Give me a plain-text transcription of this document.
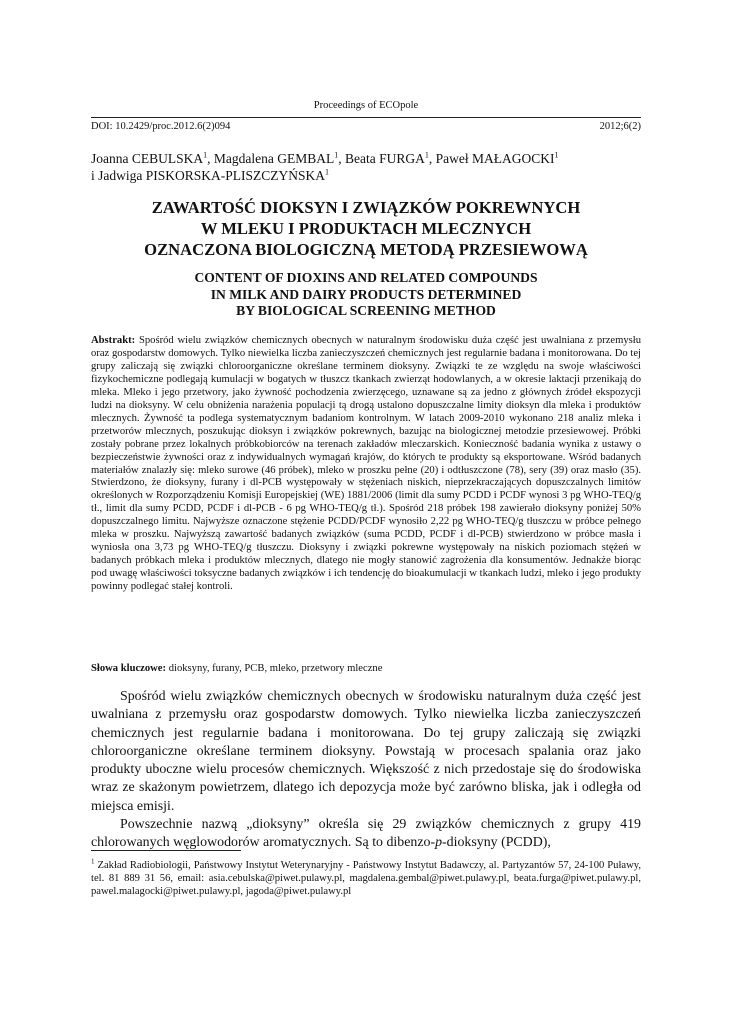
Proceedings of ECOpole
DOI: 10.2429/proc.2012.6(2)094	2012;6(2)
Joanna CEBULSKA$^1$, Magdalena GEMBAL$^1$, Beata FURGA$^1$, Paweł MAŁAGOCKI$^1$
i Jadwiga PISKORSKA-PLISZCZYŃSKA$^1$
ZAWARTOŚĆ DIOKSYN I ZWIĄZKÓW POKREWNYCH
W MLEKU I PRODUKTACH MLECZNYCH
OZNACZONA BIOLOGICZNĄ METODĄ PRZESIEWOWĄ
CONTENT OF DIOXINS AND RELATED COMPOUNDS
IN MILK AND DAIRY PRODUCTS DETERMINED
BY BIOLOGICAL SCREENING METHOD
Abstrakt: Spośród wielu związków chemicznych obecnych w naturalnym środowisku duża część jest uwalniana z przemysłu oraz gospodarstw domowych. Tylko niewielka liczba zanieczyszczeń chemicznych jest regularnie badana i monitorowana. Do tej grupy zaliczają się związki chloroorganiczne określane terminem dioksyny. Związki te ze względu na swoje właściwości fizykochemiczne podlegają kumulacji w bogatych w tłuszcz tkankach zwierząt hodowlanych, a w okresie laktacji przenikają do mleka. Mleko i jego przetwory, jako żywność pochodzenia zwierzęcego, uznawane są za jedno z głównych źródeł ekspozycji ludzi na dioksyny. W celu obniżenia narażenia populacji tą drogą ustalono dopuszczalne limity dioksyn dla mleka i produktów mlecznych. Żywność ta podlega systematycznym badaniom kontrolnym. W latach 2009-2010 wykonano 218 analiz mleka i przetworów mlecznych, poszukując dioksyn i związków pokrewnych, bazując na biologicznej metodzie przesiewowej. Próbki zostały pobrane przez lokalnych próbkobiorców na terenach zakładów mleczarskich. Konieczność badania wynika z ustawy o bezpieczeństwie żywności oraz z indywidualnych wymagań krajów, do których te produkty są eksportowane. Wśród badanych materiałów znalazły się: mleko surowe (46 próbek), mleko w proszku pełne (20) i odtłuszczone (78), sery (39) oraz masło (35). Stwierdzono, że dioksyny, furany i dl-PCB występowały w stężeniach niskich, nieprzekraczających dopuszczalnych limitów określonych w Rozporządzeniu Komisji Europejskiej (WE) 1881/2006 (limit dla sumy PCDD i PCDF wynosi 3 pg WHO-TEQ/g tł., limit dla sumy PCDD, PCDF i dl-PCB - 6 pg WHO-TEQ/g tł.). Spośród 218 próbek 198 zawierało dioksyny poniżej 50% dopuszczalnego limitu. Najwyższe oznaczone stężenie PCDD/PCDF wynosiło 2,22 pg WHO-TEQ/g tłuszczu w próbce pełnego mleka w proszku. Najwyższą zawartość badanych związków (suma PCDD, PCDF i dl-PCB) stwierdzono w próbce masła i wyniosła ona 3,73 pg WHO-TEQ/g tłuszczu. Dioksyny i związki pokrewne występowały na niskich poziomach stężeń w badanych próbkach mleka i produktów mlecznych, dlatego nie mogły stanowić zagrożenia dla konsumentów. Jednakże biorąc pod uwagę właściwości toksyczne badanych związków i ich tendencję do bioakumulacji w tkankach ludzi, mleko i jego produkty powinny podlegać stałej kontroli.
Słowa kluczowe: dioksyny, furany, PCB, mleko, przetwory mleczne

Spośród wielu związków chemicznych obecnych w środowisku naturalnym duża część jest uwalniana z przemysłu oraz gospodarstw domowych. Tylko niewielka liczba zanieczyszczeń chemicznych jest regularnie badana i monitorowana. Do tej grupy zaliczają się związki chloroorganiczne określane terminem dioksyny. Powstają w procesach spalania oraz jako produkty uboczne wielu procesów chemicznych. Większość z nich przedostaje się do środowiska wraz ze skażonym powietrzem, dlatego ich depozycja może być zarówno bliska, jak i odległa od miejsca emisji.

Powszechnie nazwą „dioksyny” określa się 29 związków chemicznych z grupy 419 chlorowanych węglowodorów aromatycznych. Są to dibenzo-p-dioksyny (PCDD),

$^1$ Zakład Radiobiologii, Państwowy Instytut Weterynaryjny - Państwowy Instytut Badawczy, al. Partyzantów 57, 24-100 Puławy, tel. 81 889 31 56, email: asia.cebulska@piwet.pulawy.pl, magdalena.gembal@piwet.pulawy.pl, beata.furga@piwet.pulawy.pl, pawel.malagocki@piwet.pulawy.pl, jagoda@piwet.pulawy.pl
